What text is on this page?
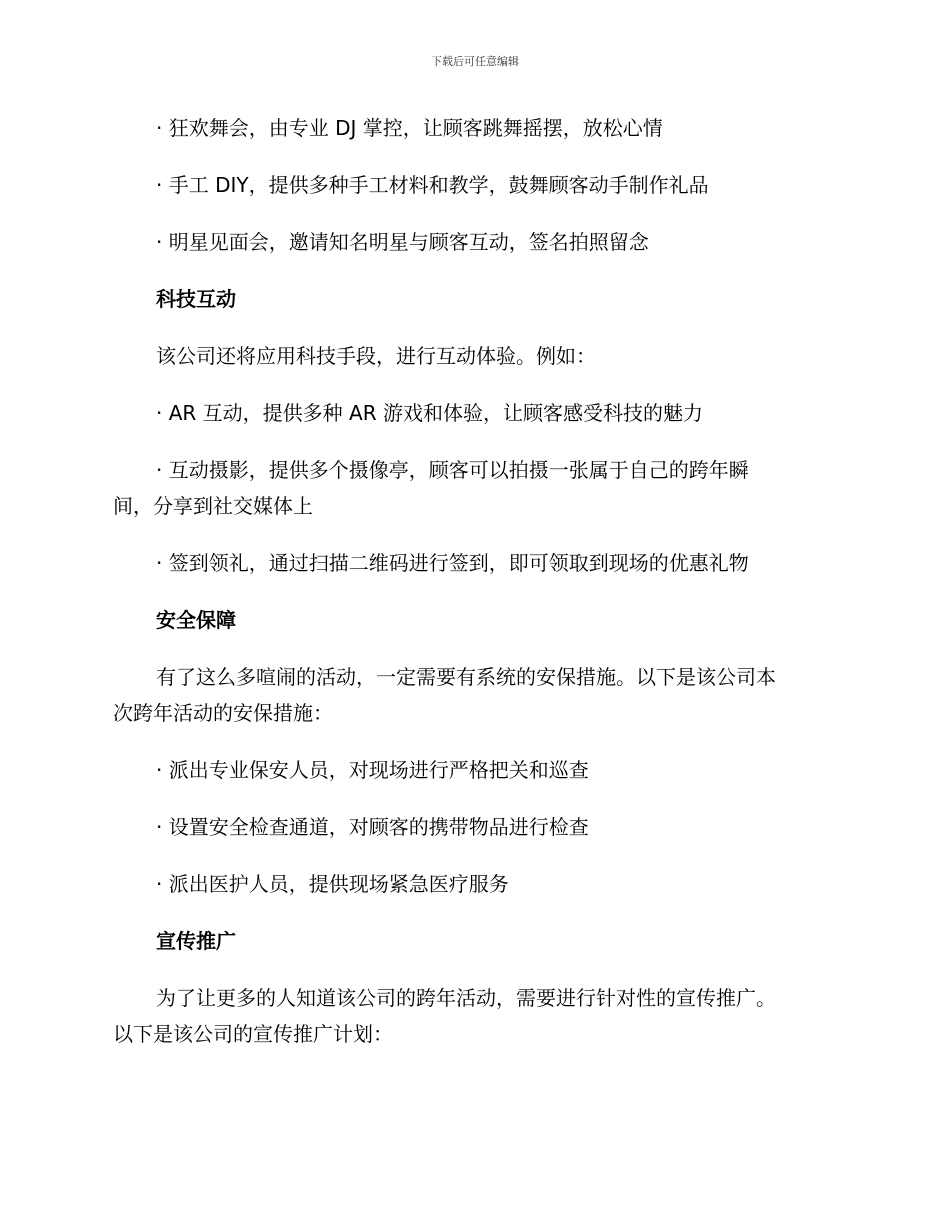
下载后可任意编辑
· 狂欢舞会，由专业 DJ 掌控，让顾客跳舞摇摆，放松心情
· 手工 DIY，提供多种手工材料和教学，鼓舞顾客动手制作礼品
· 明星见面会，邀请知名明星与顾客互动，签名拍照留念
科技互动
该公司还将应用科技手段，进行互动体验。例如：
· AR 互动，提供多种 AR 游戏和体验，让顾客感受科技的魅力
· 互动摄影，提供多个摄像亭，顾客可以拍摄一张属于自己的跨年瞬
间，分享到社交媒体上
· 签到领礼，通过扫描二维码进行签到，即可领取到现场的优惠礼物
安全保障
有了这么多喧闹的活动，一定需要有系统的安保措施。以下是该公司本
次跨年活动的安保措施：
· 派出专业保安人员，对现场进行严格把关和巡查
· 设置安全检查通道，对顾客的携带物品进行检查
· 派出医护人员，提供现场紧急医疗服务
宣传推广
为了让更多的人知道该公司的跨年活动，需要进行针对性的宣传推广。
以下是该公司的宣传推广计划：
